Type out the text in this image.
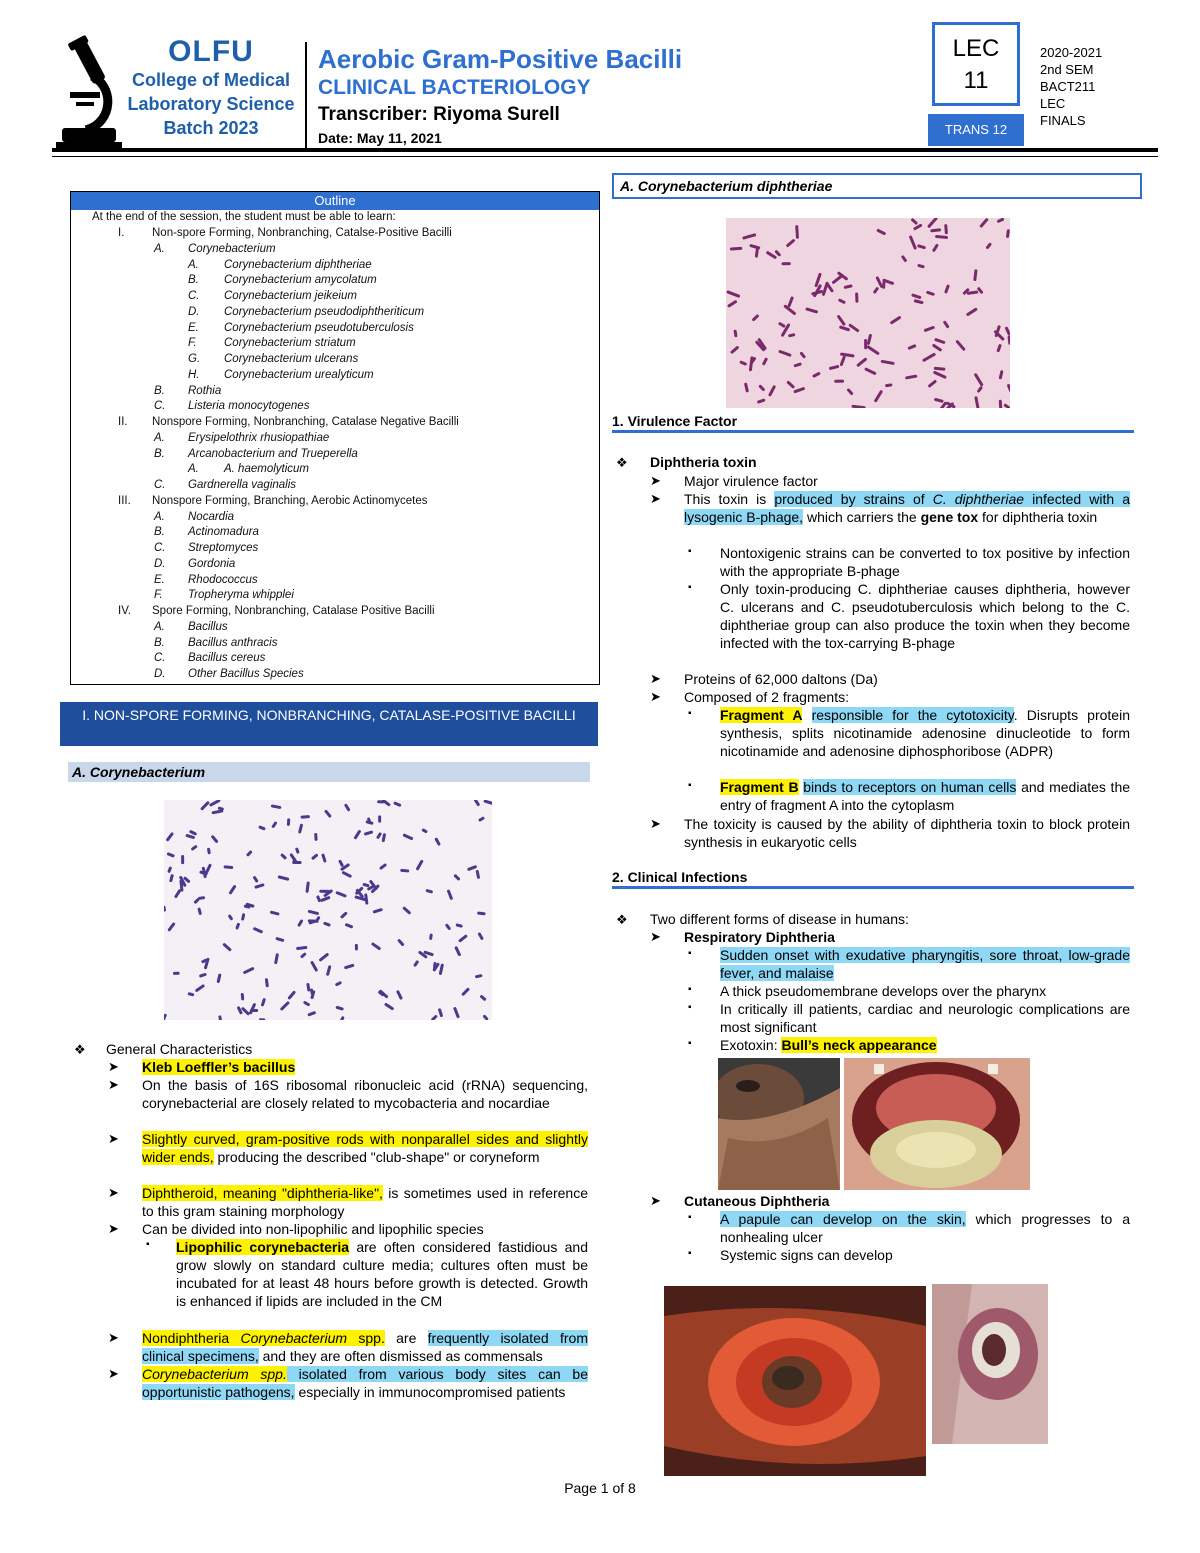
OLFU
College of Medical
Laboratory Science
Batch 2023
Aerobic Gram-Positive Bacilli
CLINICAL BACTERIOLOGY
Transcriber: Riyoma Surell
Date: May 11, 2021
LEC
11
TRANS 12
2020-2021
2nd SEM
BACT211
LEC
FINALS
Outline
At the end of the session, the student must be able to learn:
I. Non-spore Forming, Nonbranching, Catalse-Positive Bacilli
A. Corynebacterium
A. Corynebacterium diphtheriae
B. Corynebacterium amycolatum
C. Corynebacterium jeikeium
D. Corynebacterium pseudodiphtheriticum
E. Corynebacterium pseudotuberculosis
F. Corynebacterium striatum
G. Corynebacterium ulcerans
H. Corynebacterium urealyticum
B. Rothia
C. Listeria monocytogenes
II. Nonspore Forming, Nonbranching, Catalase Negative Bacilli
A. Erysipelothrix rhusiopathiae
B. Arcanobacterium and Trueperella
A. A. haemolyticum
C. Gardnerella vaginalis
III. Nonspore Forming, Branching, Aerobic Actinomycetes
A. Nocardia
B. Actinomadura
C. Streptomyces
D. Gordonia
E. Rhodococcus
F. Tropheryma whipplei
IV. Spore Forming, Nonbranching, Catalase Positive Bacilli
A. Bacillus
B. Bacillus anthracis
C. Bacillus cereus
D. Other Bacillus Species
I. NON-SPORE FORMING, NONBRANCHING, CATALASE-POSITIVE BACILLI
A. Corynebacterium
❖ General Characteristics
➤ Kleb Loeffler’s bacillus
➤ On the basis of 16S ribosomal ribonucleic acid (rRNA) sequencing, corynebacterial are closely related to mycobacteria and nocardiae
➤ Slightly curved, gram-positive rods with nonparallel sides and slightly wider ends, producing the described "club-shape" or coryneform
➤ Diphtheroid, meaning "diphtheria-like", is sometimes used in reference to this gram staining morphology
➤ Can be divided into non-lipophilic and lipophilic species
▪ Lipophilic corynebacteria are often considered fastidious and grow slowly on standard culture media; cultures often must be incubated for at least 48 hours before growth is detected. Growth is enhanced if lipids are included in the CM
➤ Nondiphtheria Corynebacterium spp. are frequently isolated from clinical specimens, and they are often dismissed as commensals
➤ Corynebacterium spp. isolated from various body sites can be opportunistic pathogens, especially in immunocompromised patients
A. Corynebacterium diphtheriae
1. Virulence Factor
❖ Diphtheria toxin
➤ Major virulence factor
➤ This toxin is produced by strains of C. diphtheriae infected with a lysogenic B-phage, which carriers the gene tox for diphtheria toxin
▪ Nontoxigenic strains can be converted to tox positive by infection with the appropriate B-phage
▪ Only toxin-producing C. diphtheriae causes diphtheria, however C. ulcerans and C. pseudotuberculosis which belong to the C. diphtheriae group can also produce the toxin when they become infected with the tox-carrying B-phage
➤ Proteins of 62,000 daltons (Da)
➤ Composed of 2 fragments:
▪ Fragment A responsible for the cytotoxicity. Disrupts protein synthesis, splits nicotinamide adenosine dinucleotide to form nicotinamide and adenosine diphosphoribose (ADPR)
▪ Fragment B binds to receptors on human cells and mediates the entry of fragment A into the cytoplasm
➤ The toxicity is caused by the ability of diphtheria toxin to block protein synthesis in eukaryotic cells
2. Clinical Infections
❖ Two different forms of disease in humans:
➤ Respiratory Diphtheria
▪ Sudden onset with exudative pharyngitis, sore throat, low-grade fever, and malaise
▪ A thick pseudomembrane develops over the pharynx
▪ In critically ill patients, cardiac and neurologic complications are most significant
▪ Exotoxin: Bull’s neck appearance
➤ Cutaneous Diphtheria
▪ A papule can develop on the skin, which progresses to a nonhealing ulcer
▪ Systemic signs can develop
Page 1 of 8
